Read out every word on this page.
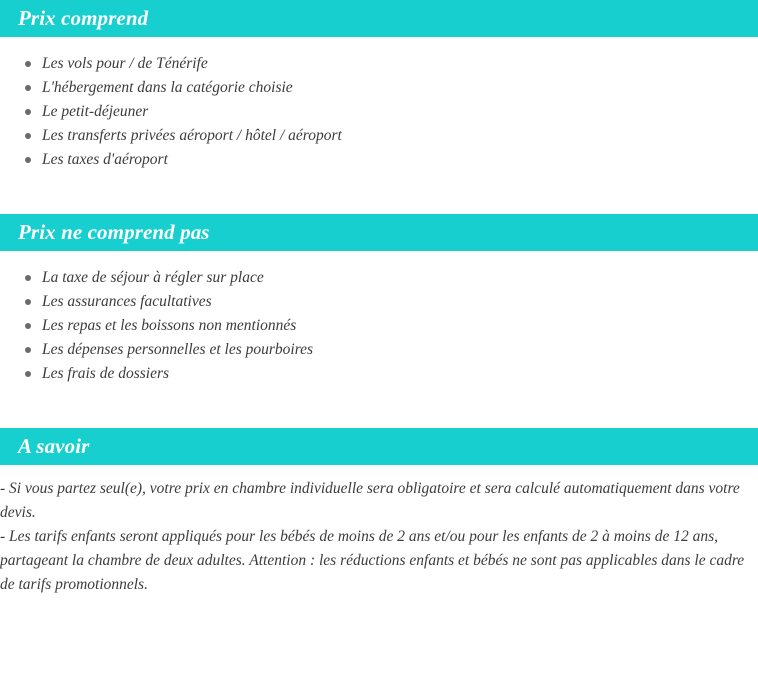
Prix comprend
Les vols pour / de Ténérife
L'hébergement dans la catégorie choisie
Le petit-déjeuner
Les transferts privées aéroport / hôtel / aéroport
Les taxes d'aéroport
Prix ne comprend pas
La taxe de séjour à régler sur place
Les assurances facultatives
Les repas et les boissons non mentionnés
Les dépenses personnelles et les pourboires
Les frais de dossiers
A savoir

- Si vous partez seul(e), votre prix en chambre individuelle sera obligatoire et sera calculé automatiquement dans votre devis.

- Les tarifs enfants seront appliqués pour les bébés de moins de 2 ans et/ou pour les enfants de 2 à moins de 12 ans, partageant la chambre de deux adultes. Attention : les réductions enfants et bébés ne sont pas applicables dans le cadre de tarifs promotionnels.
